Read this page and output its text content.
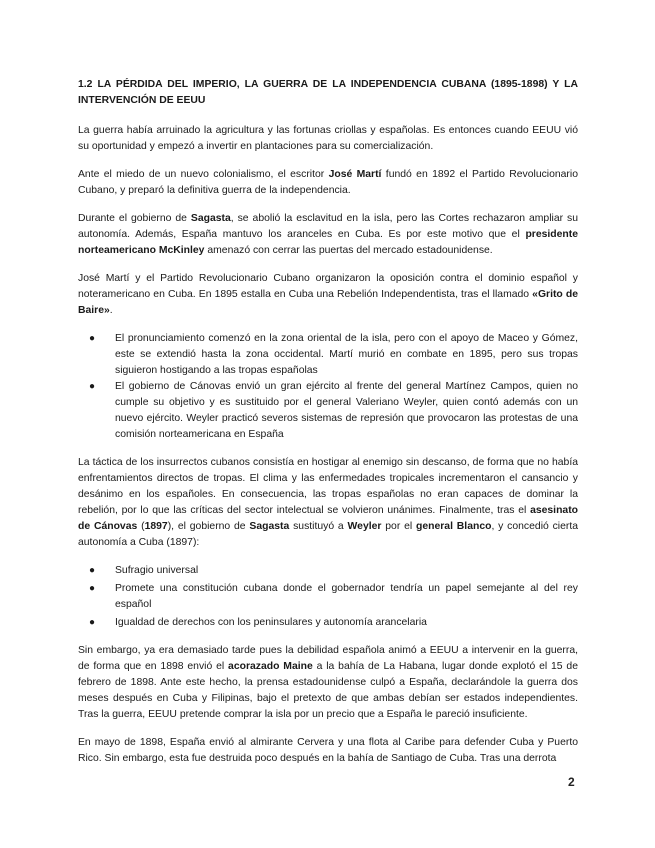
1.2 LA PÉRDIDA DEL IMPERIO, LA GUERRA DE LA INDEPENDENCIA CUBANA (1895-1898) Y LA INTERVENCIÓN DE EEUU

La guerra había arruinado la agricultura y las fortunas criollas y españolas. Es entonces cuando EEUU vió su oportunidad y empezó a invertir en plantaciones para su comercialización.

Ante el miedo de un nuevo colonialismo, el escritor José Martí fundó en 1892 el Partido Revolucionario Cubano, y preparó la definitiva guerra de la independencia.

Durante el gobierno de Sagasta, se abolió la esclavitud en la isla, pero las Cortes rechazaron ampliar su autonomía. Además, España mantuvo los aranceles en Cuba. Es por este motivo que el presidente norteamericano McKinley amenazó con cerrar las puertas del mercado estadounidense.

José Martí y el Partido Revolucionario Cubano organizaron la oposición contra el dominio español y noteramericano en Cuba. En 1895 estalla en Cuba una Rebelión Independentista, tras el llamado «Grito de Baire».

● El pronunciamiento comenzó en la zona oriental de la isla, pero con el apoyo de Maceo y Gómez, este se extendió hasta la zona occidental. Martí murió en combate en 1895, pero sus tropas siguieron hostigando a las tropas españolas
● El gobierno de Cánovas envió un gran ejército al frente del general Martínez Campos, quien no cumple su objetivo y es sustituido por el general Valeriano Weyler, quien contó además con un nuevo ejército. Weyler practicó severos sistemas de represión que provocaron las protestas de una comisión norteamericana en España

La táctica de los insurrectos cubanos consistía en hostigar al enemigo sin descanso, de forma que no había enfrentamientos directos de tropas. El clima y las enfermedades tropicales incrementaron el cansancio y desánimo en los españoles. En consecuencia, las tropas españolas no eran capaces de dominar la rebelión, por lo que las críticas del sector intelectual se volvieron unánimes. Finalmente, tras el asesinato de Cánovas (1897), el gobierno de Sagasta sustituyó a Weyler por el general Blanco, y concedió cierta autonomía a Cuba (1897):

● Sufragio universal
● Promete una constitución cubana donde el gobernador tendría un papel semejante al del rey español
● Igualdad de derechos con los peninsulares y autonomía arancelaria

Sin embargo, ya era demasiado tarde pues la debilidad española animó a EEUU a intervenir en la guerra, de forma que en 1898 envió el acorazado Maine a la bahía de La Habana, lugar donde explotó el 15 de febrero de 1898. Ante este hecho, la prensa estadounidense culpó a España, declarándole la guerra dos meses después en Cuba y Filipinas, bajo el pretexto de que ambas debían ser estados independientes. Tras la guerra, EEUU pretende comprar la isla por un precio que a España le pareció insuficiente.

En mayo de 1898, España envió al almirante Cervera y una flota al Caribe para defender Cuba y Puerto Rico. Sin embargo, esta fue destruida poco después en la bahía de Santiago de Cuba. Tras una derrota

2
